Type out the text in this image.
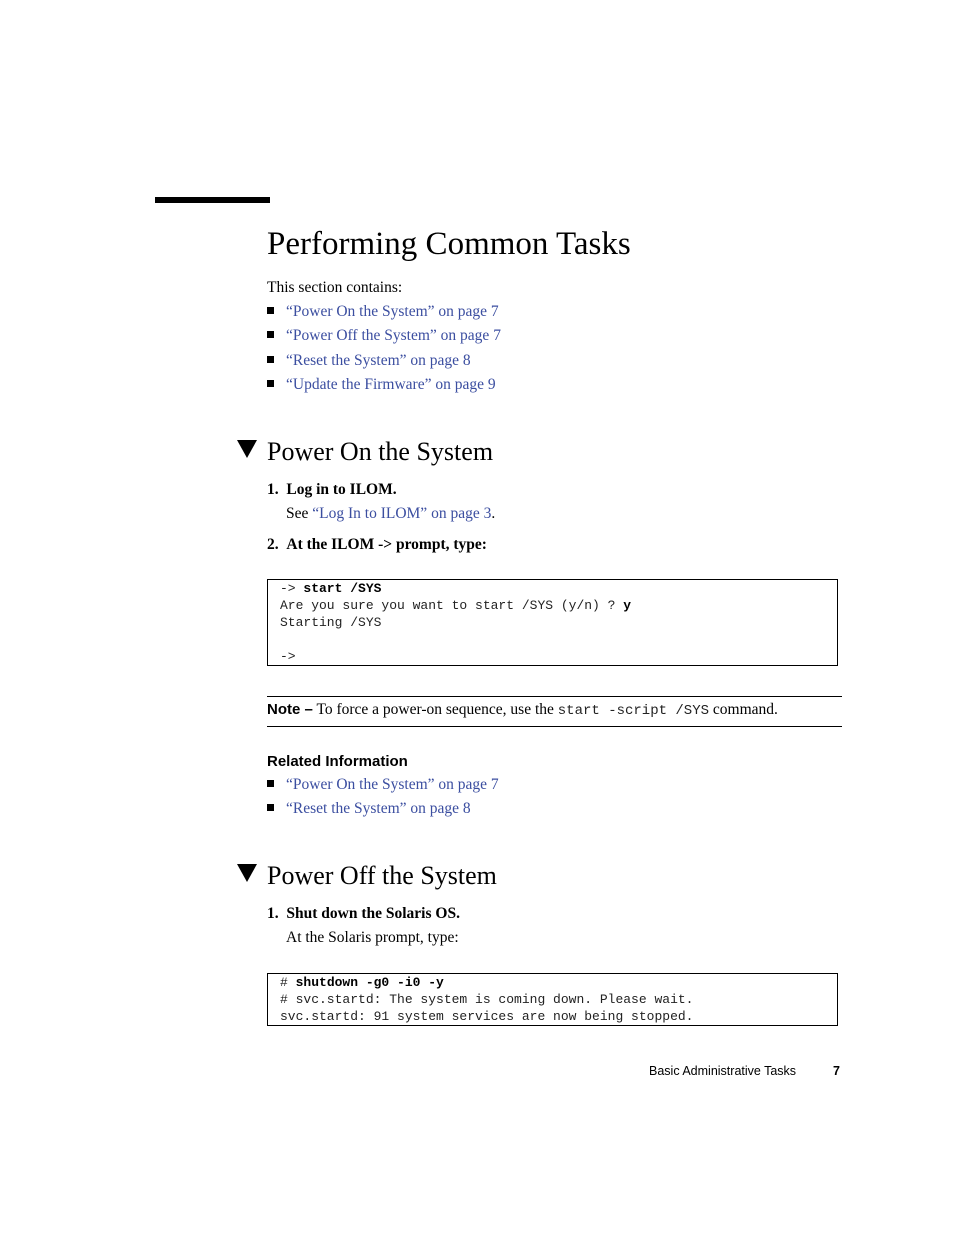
Performing Common Tasks
This section contains:
“Power On the System” on page 7
“Power Off the System” on page 7
“Reset the System” on page 8
“Update the Firmware” on page 9
Power On the System
1. Log in to ILOM.
See “Log In to ILOM” on page 3.
2. At the ILOM -> prompt, type:
-> start /SYS
Are you sure you want to start /SYS (y/n) ? y
Starting /SYS
->
Note – To force a power-on sequence, use the start -script /SYS command.
Related Information
“Power On the System” on page 7
“Reset the System” on page 8
Power Off the System
1. Shut down the Solaris OS.
At the Solaris prompt, type:
# shutdown -g0 -i0 -y
# svc.startd: The system is coming down. Please wait.
svc.startd: 91 system services are now being stopped.
Basic Administrative Tasks	7
